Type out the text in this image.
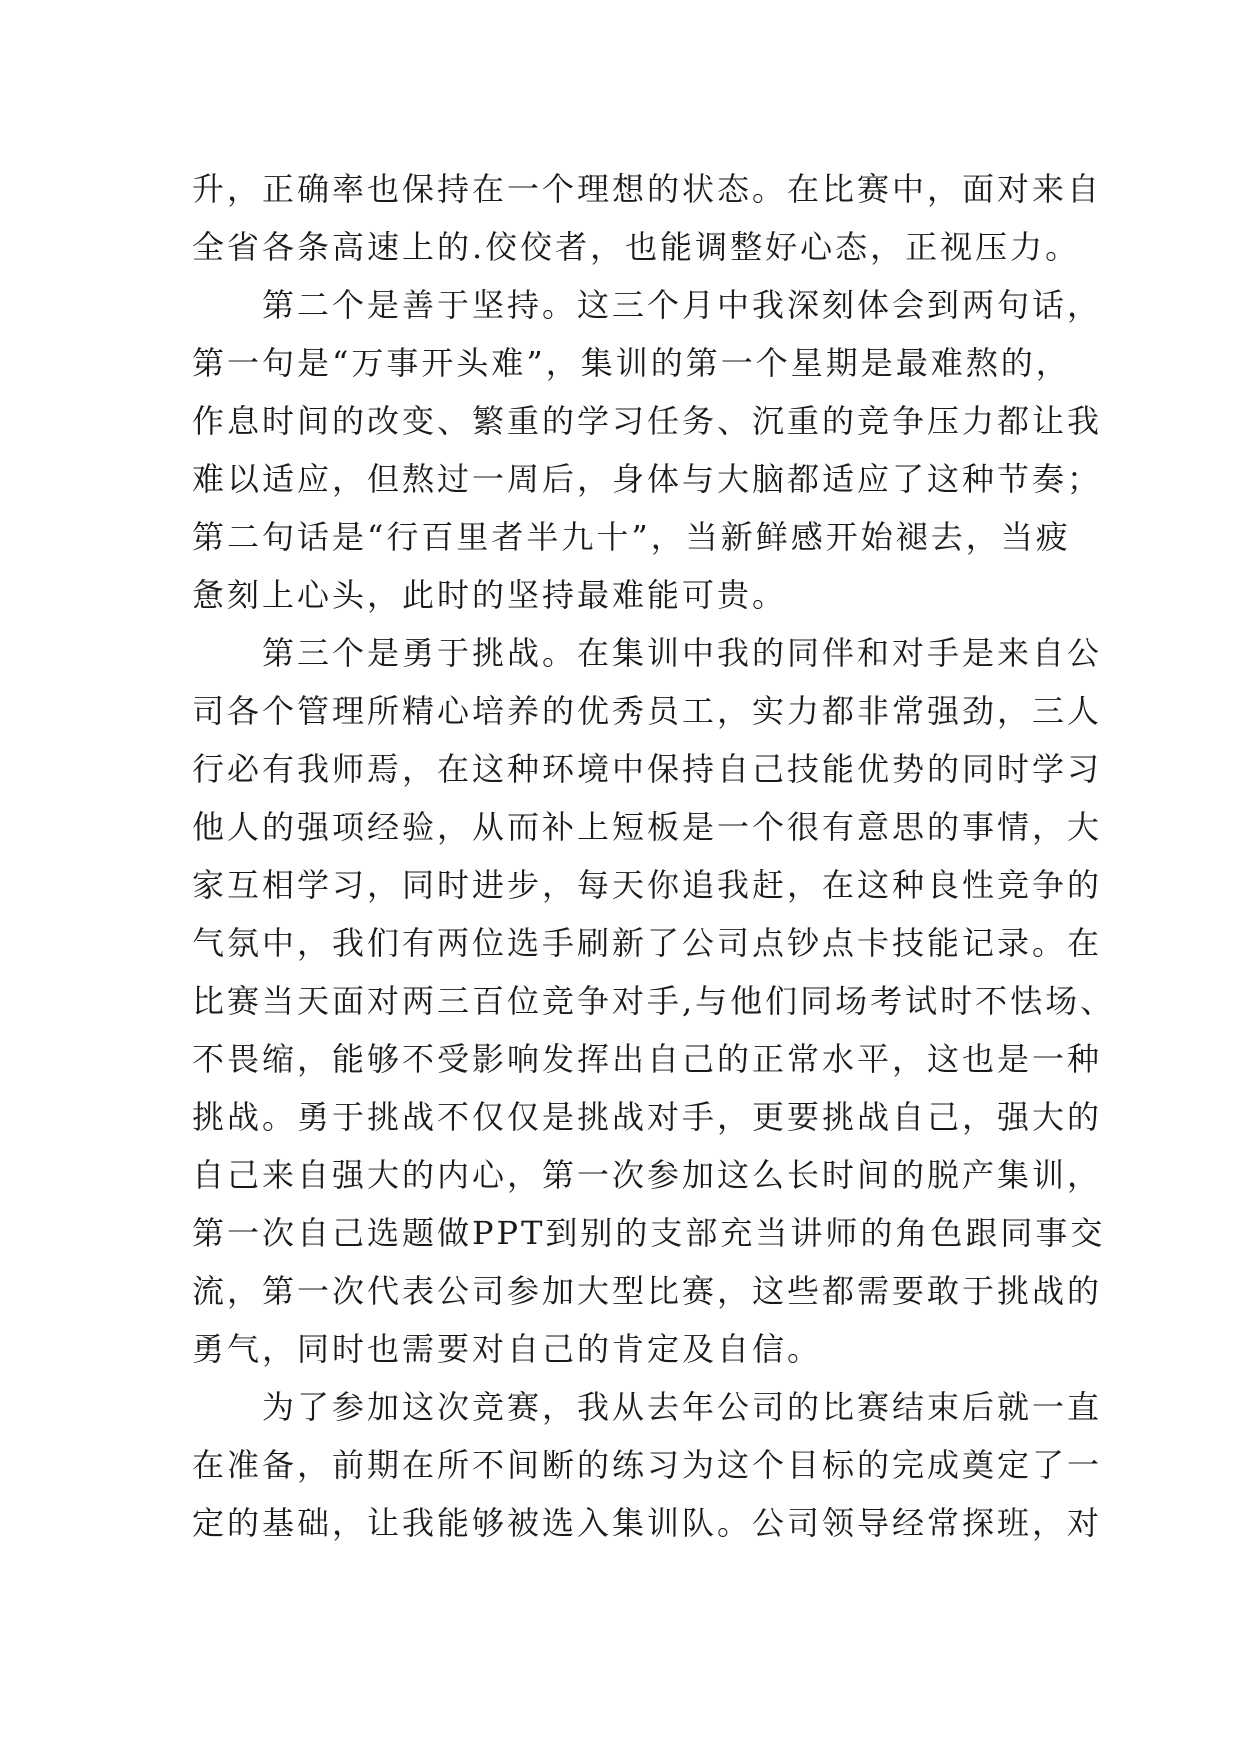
升，正确率也保持在一个理想的状态。在比赛中，面对来自
全省各条高速上的.佼佼者，也能调整好心态，正视压力。
第二个是善于坚持。这三个月中我深刻体会到两句话，
第一句是“万事开头难”，集训的第一个星期是最难熬的，
作息时间的改变、繁重的学习任务、沉重的竞争压力都让我
难以适应，但熬过一周后，身体与大脑都适应了这种节奏；
第二句话是“行百里者半九十”，当新鲜感开始褪去，当疲
惫刻上心头，此时的坚持最难能可贵。
第三个是勇于挑战。在集训中我的同伴和对手是来自公
司各个管理所精心培养的优秀员工，实力都非常强劲，三人
行必有我师焉，在这种环境中保持自己技能优势的同时学习
他人的强项经验，从而补上短板是一个很有意思的事情，大
家互相学习，同时进步，每天你追我赶，在这种良性竞争的
气氛中，我们有两位选手刷新了公司点钞点卡技能记录。在
比赛当天面对两三百位竞争对手,与他们同场考试时不怯场、
不畏缩，能够不受影响发挥出自己的正常水平，这也是一种
挑战。勇于挑战不仅仅是挑战对手，更要挑战自己，强大的
自己来自强大的内心，第一次参加这么长时间的脱产集训，
第一次自己选题做PPT到别的支部充当讲师的角色跟同事交
流，第一次代表公司参加大型比赛，这些都需要敢于挑战的
勇气，同时也需要对自己的肯定及自信。
为了参加这次竞赛，我从去年公司的比赛结束后就一直
在准备，前期在所不间断的练习为这个目标的完成奠定了一
定的基础，让我能够被选入集训队。公司领导经常探班，对
